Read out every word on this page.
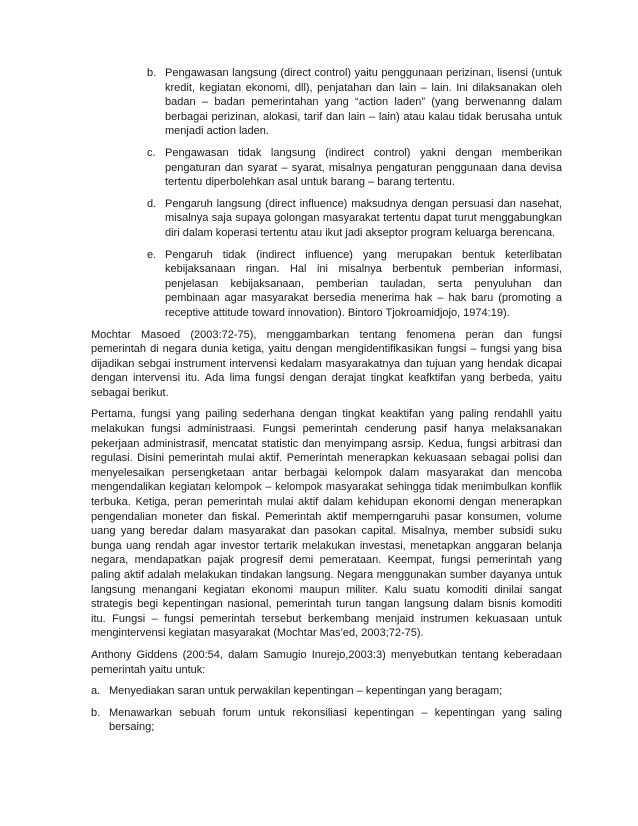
b. Pengawasan langsung (direct control) yaitu penggunaan perizinan, lisensi (untuk kredit, kegiatan ekonomi, dll), penjatahan dan lain – lain. Ini dilaksanakan oleh badan – badan pemerintahan yang “action laden” (yang berwenanng dalam berbagai perizinan, alokasi, tarif dan lain – lain) atau kalau tidak berusaha untuk menjadi action laden.
c. Pengawasan tidak langsung (indirect control) yakni dengan memberikan pengaturan dan syarat – syarat, misalnya pengaturan penggunaan dana devisa tertentu diperbolehkan asal untuk barang – barang tertentu.
d. Pengaruh langsung (direct influence) maksudnya dengan persuasi dan nasehat, misalnya saja supaya golongan masyarakat tertentu dapat turut menggabungkan diri dalam koperasi tertentu atau ikut jadi akseptor program keluarga berencana.
e. Pengaruh tidak (indirect influence) yang merupakan bentuk keterlibatan kebijaksanaan ringan. Hal ini misalnya berbentuk pemberian informasi, penjelasan kebijaksanaan, pemberian tauladan, serta penyuluhan dan pembinaan agar masyarakat bersedia menerima hak – hak baru (promoting a receptive attitude toward innovation). Bintoro Tjokroamidjojo, 1974:19).

Mochtar Masoed (2003:72-75), menggambarkan tentang fenomena peran dan fungsi pemerintah di negara dunia ketiga, yaitu dengan mengidentifikasikan fungsi – fungsi yang bisa dijadikan sebgai instrument intervensi kedalam masyarakatnya dan tujuan yang hendak dicapai dengan intervensi itu. Ada lima fungsi dengan derajat tingkat keafktifan yang berbeda, yaitu sebagai berikut.

Pertama, fungsi yang pailing sederhana dengan tingkat keaktifan yang paling rendahll yaitu melakukan fungsi administraasi. Fungsi pemerintah cenderung pasif hanya melaksanakan pekerjaan administrasif, mencatat statistic dan menyimpang asrsip. Kedua, fungsi arbitrasi dan regulasi. Disini pemerintah mulai aktif. Pemerintah menerapkan kekuasaan sebagai polisi dan menyelesaikan persengketaan antar berbagai kelompok dalam masyarakat dan mencoba mengendalikan kegiatan kelompok – kelompok masyarakat sehingga tidak menimbulkan konflik terbuka. Ketiga, peran pemerintah mulai aktif dalam kehidupan ekonomi dengan menerapkan pengendalian moneter dan fiskal. Pemerintah aktif memperngaruhi pasar konsumen, volume uang yang beredar dalam masyarakat dan pasokan capital. Misalnya, member subsidi suku bunga uang rendah agar investor tertarik melakukan investasi, menetapkan anggaran belanja negara, mendapatkan pajak progresif demi pemerataan. Keempat, fungsi pemerintah yang paling aktif adalah melakukan tindakan langsung. Negara menggunakan sumber dayanya untuk langsung menangani kegiatan ekonomi maupun militer. Kalu suatu komoditi dinilai sangat strategis begi kepentingan nasional, pemerintah turun tangan langsung dalam bisnis komoditi itu. Fungsi – fungsi pemerintah tersebut berkembang menjaid instrumen kekuasaan untuk mengintervensi kegiatan masyarakat (Mochtar Mas’ed, 2003;72-75).

Anthony Giddens (200:54, dalam Samugio Inurejo,2003:3) menyebutkan tentang keberadaan pemerintah yaitu untuk:

a. Menyediakan saran untuk perwakilan kepentingan – kepentingan yang beragam;
b. Menawarkan sebuah forum untuk rekonsiliasi kepentingan – kepentingan yang saling bersaing;
